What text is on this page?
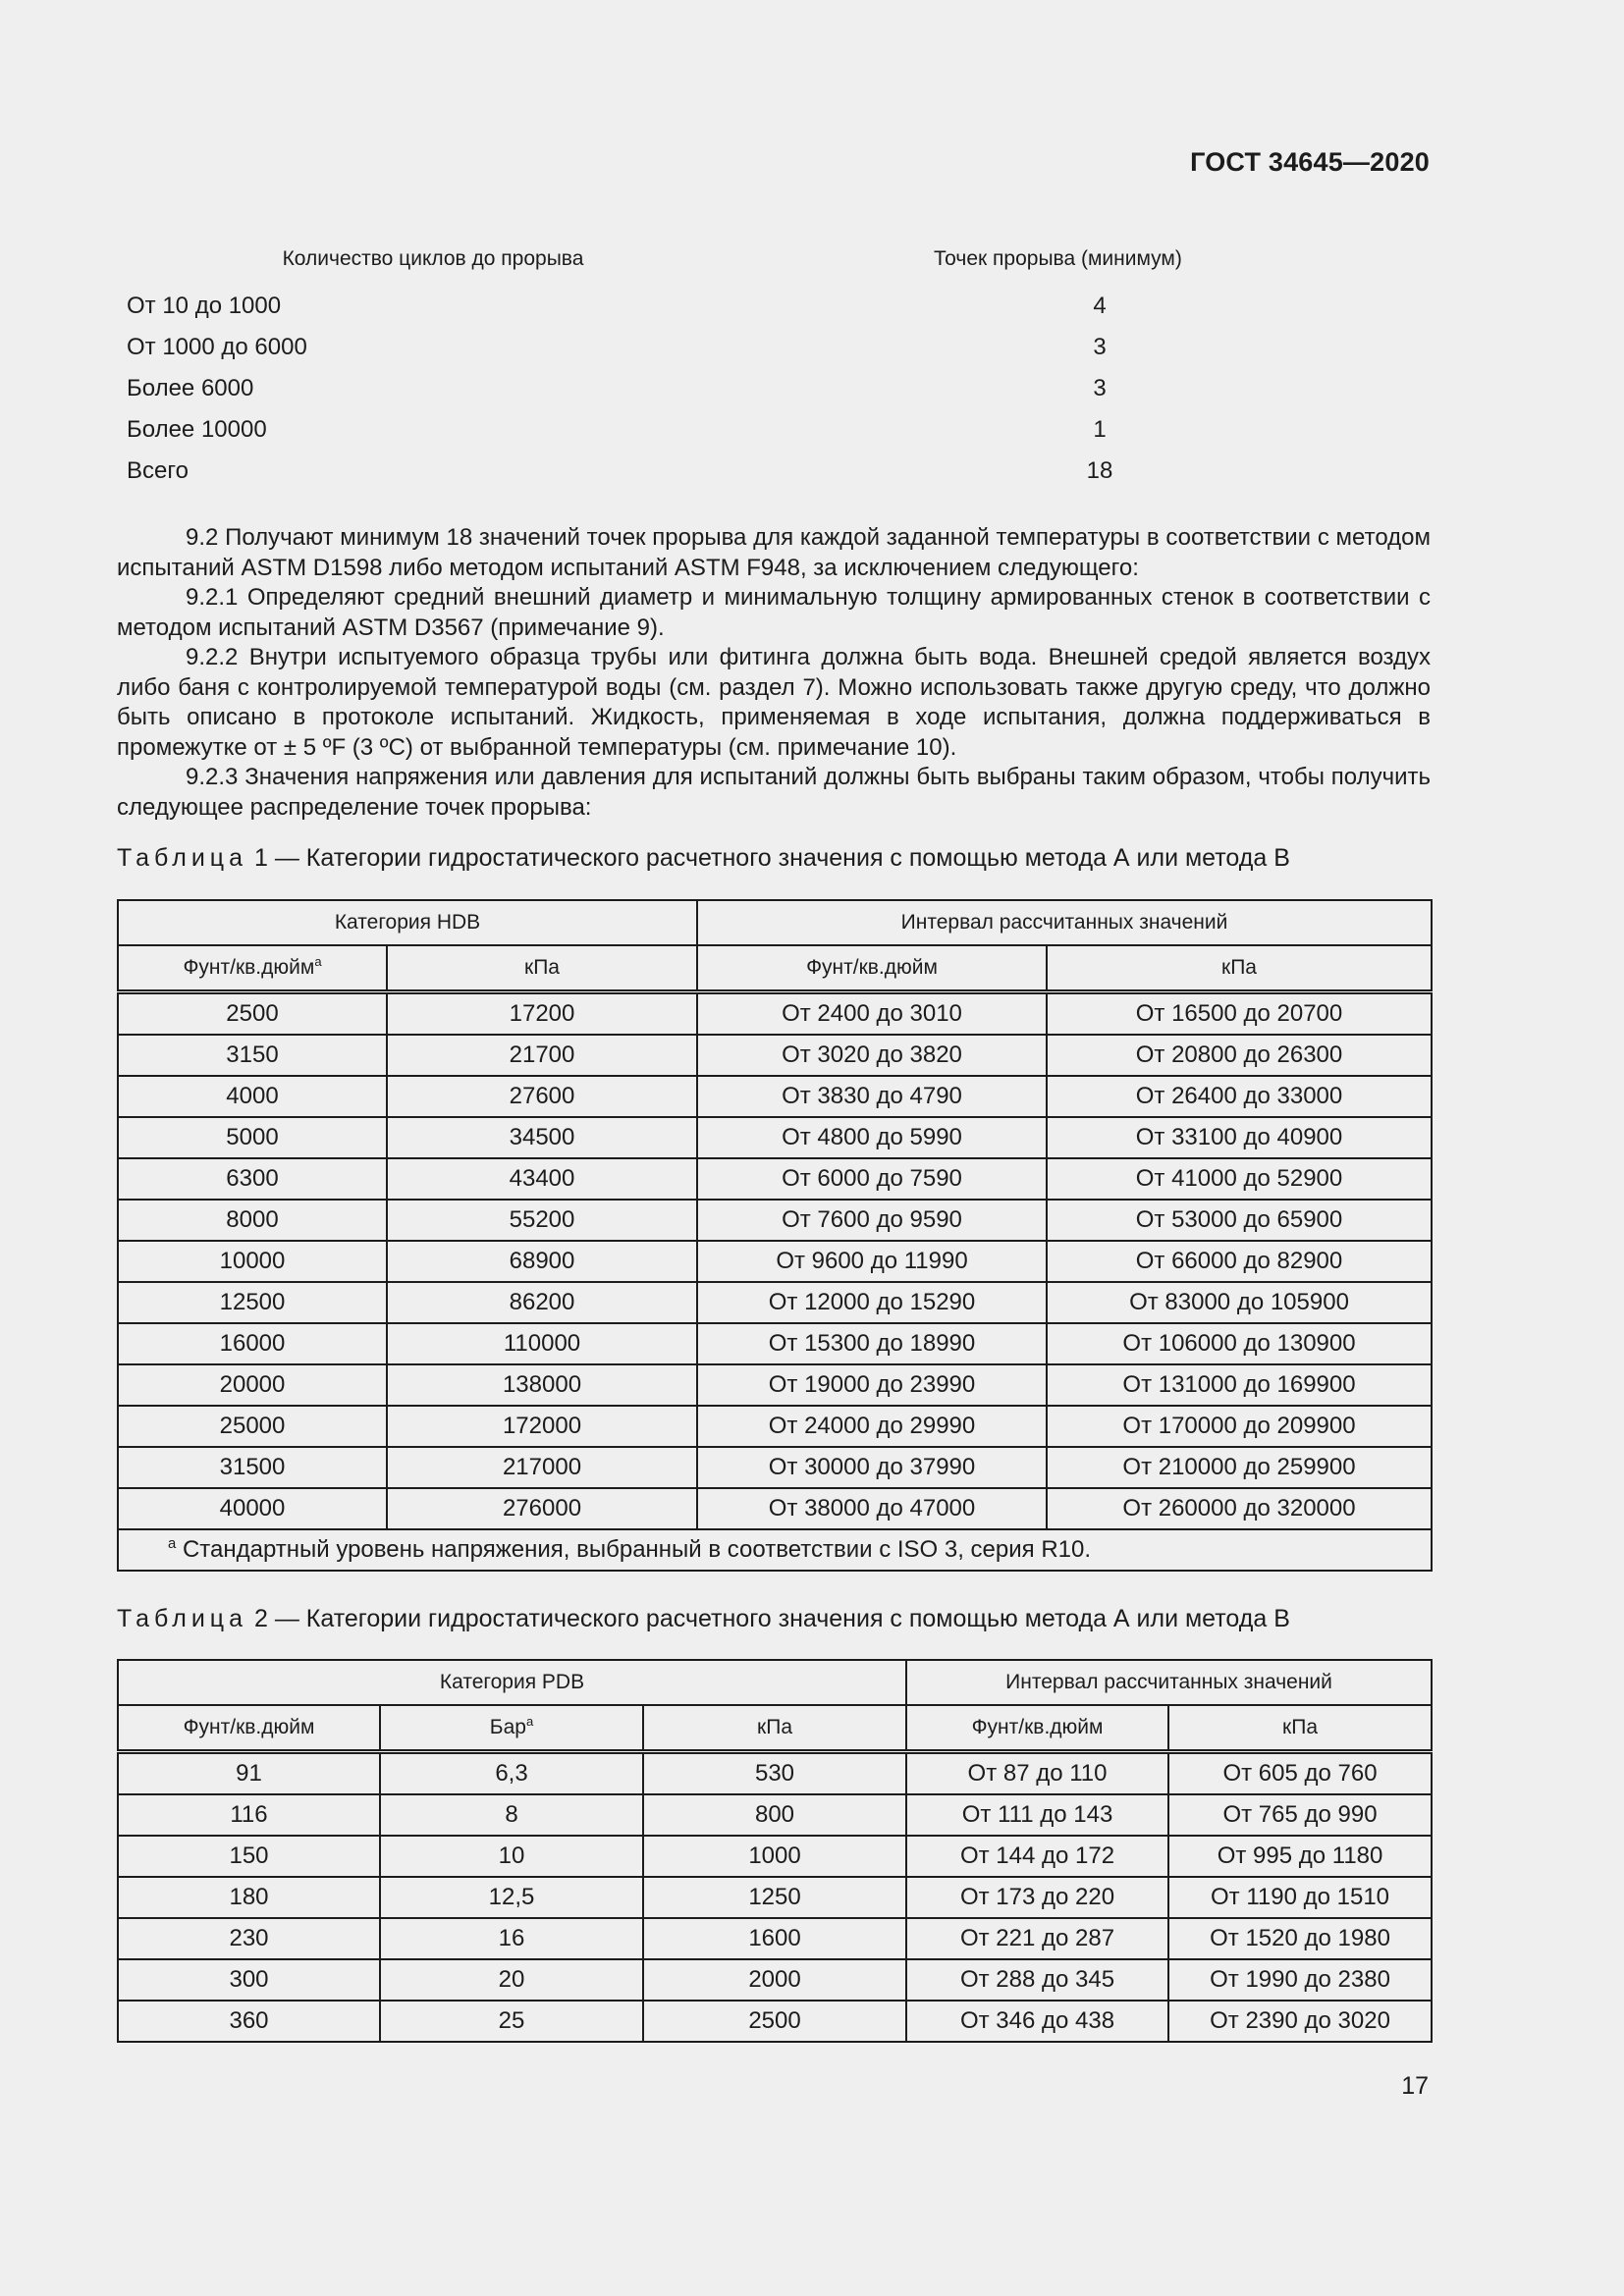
ГОСТ 34645—2020
Количество циклов до прорыва	Точек прорыва (минимум)
От 10 до 1000	4
От 1000 до 6000	3
Более 6000	3
Более 10000	1
Всего	18

9.2 Получают минимум 18 значений точек прорыва для каждой заданной температуры в соответствии с методом испытаний ASTM D1598 либо методом испытаний ASTM F948, за исключением следующего:

9.2.1 Определяют средний внешний диаметр и минимальную толщину армированных стенок в соответствии с методом испытаний ASTM D3567 (примечание 9).

9.2.2 Внутри испытуемого образца трубы или фитинга должна быть вода. Внешней средой является воздух либо баня с контролируемой температурой воды (см. раздел 7). Можно использовать также другую среду, что должно быть описано в протоколе испытаний. Жидкость, применяемая в ходе испытания, должна поддерживаться в промежутке от ± 5 ºF (3 ºC) от выбранной температуры (см. примечание 10).

9.2.3 Значения напряжения или давления для испытаний должны быть выбраны таким образом, чтобы получить следующее распределение точек прорыва:

Таблица 1 — Категории гидростатического расчетного значения с помощью метода А или метода В
Категория HDB		Интервал рассчитанных значений	
Фунт/кв.дюйм$^a$	кПа	Фунт/кв.дюйм	кПа
2500	17200	От 2400 до 3010	От 16500 до 20700
3150	21700	От 3020 до 3820	От 20800 до 26300
4000	27600	От 3830 до 4790	От 26400 до 33000
5000	34500	От 4800 до 5990	От 33100 до 40900
6300	43400	От 6000 до 7590	От 41000 до 52900
8000	55200	От 7600 до 9590	От 53000 до 65900
10000	68900	От 9600 до 11990	От 66000 до 82900
12500	86200	От 12000 до 15290	От 83000 до 105900
16000	110000	От 15300 до 18990	От 106000 до 130900
20000	138000	От 19000 до 23990	От 131000 до 169900
25000	172000	От 24000 до 29990	От 170000 до 209900
31500	217000	От 30000 до 37990	От 210000 до 259900
40000	276000	От 38000 до 47000	От 260000 до 320000
$^a$ Стандартный уровень напряжения, выбранный в соответствии с ISO 3, серия R10.			
Таблица 2 — Категории гидростатического расчетного значения с помощью метода А или метода В
Категория PDB			Интервал рассчитанных значений	
Фунт/кв.дюйм	Бар$^a$	кПа	Фунт/кв.дюйм	кПа
91	6,3	530	От 87 до 110	От 605 до 760
116	8	800	От 111 до 143	От 765 до 990
150	10	1000	От 144 до 172	От 995 до 1180
180	12,5	1250	От 173 до 220	От 1190 до 1510
230	16	1600	От 221 до 287	От 1520 до 1980
300	20	2000	От 288 до 345	От 1990 до 2380
360	25	2500	От 346 до 438	От 2390 до 3020
17
